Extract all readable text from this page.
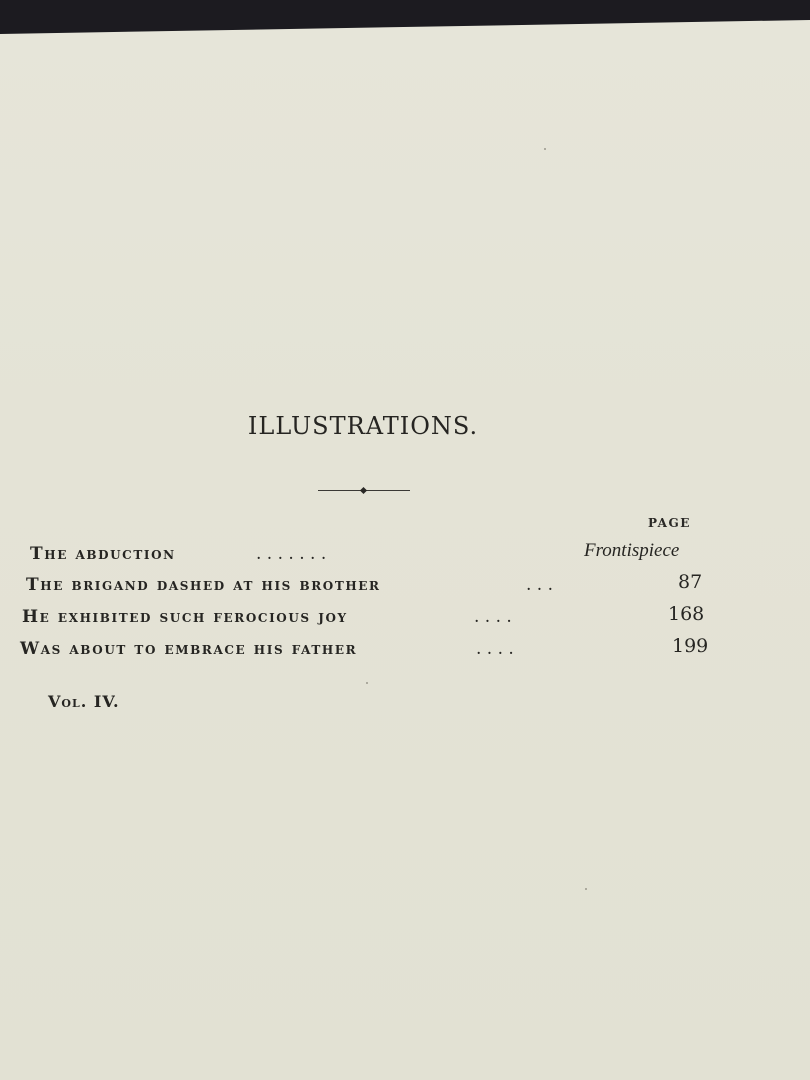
ILLUSTRATIONS.
PAGE
The abduction	. . . . . . .	Frontispiece
The brigand dashed at his brother	. . .	87
He exhibited such ferocious joy	. . . .	168
Was about to embrace his father	. . . .	199
Vol. IV.
